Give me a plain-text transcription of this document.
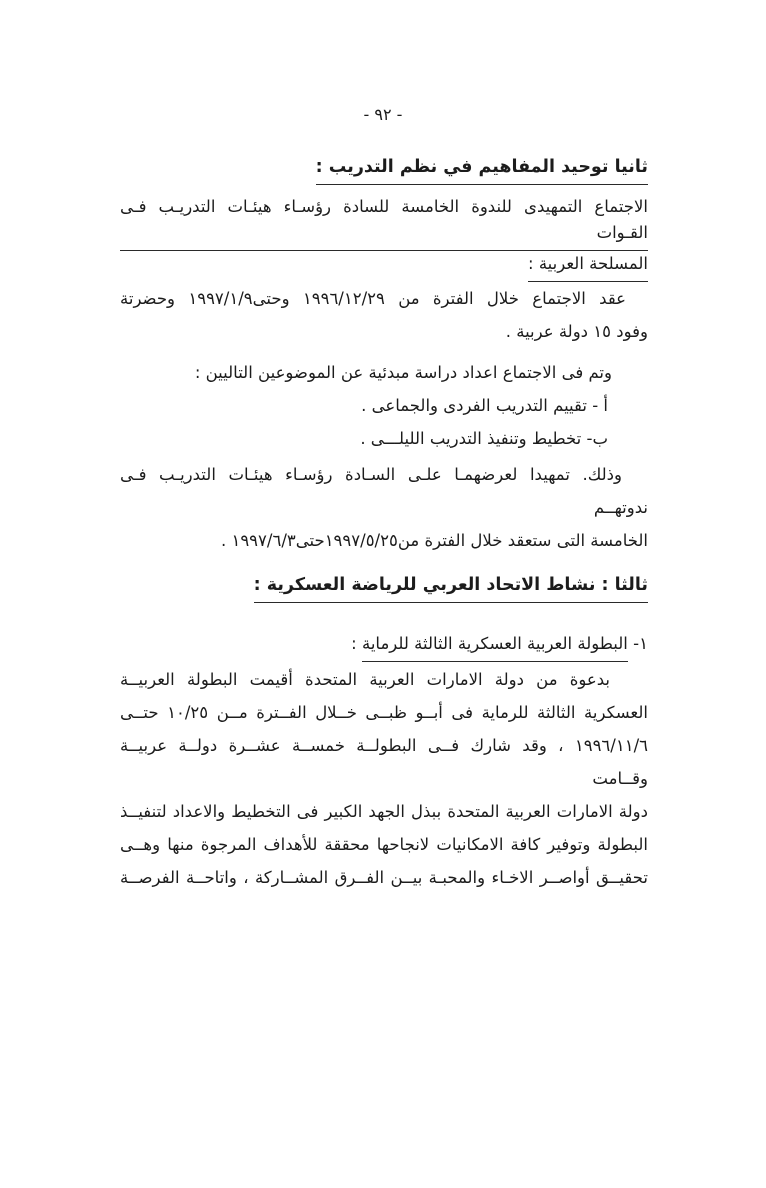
- ٩٢ -
ثانيا توحيد المفاهيم في نظم التدريب :
الاجتماع التمهيدى للندوة الخامسة للسادة رؤسـاء هيئـات التدريـب فـى القـوات
المسلحة العربية :
عقد الاجتماع خلال الفترة من ١٩٩٦/١٢/٢٩ وحتى١٩٩٧/١/٩ وحضرتة
وفود ١٥ دولة عربية .
وتم فى الاجتماع اعداد دراسة مبدئية عن الموضوعين التاليين :
أ - تقييم التدريب الفردى والجماعى .
ب- تخطيط وتنفيذ التدريب الليلـــى .
وذلك. تمهيدا لعرضهمـا علـى السـادة رؤسـاء هيئـات التدريـب فـى ندوتهــم
الخامسة التى ستعقد خلال الفترة من١٩٩٧/٥/٢٥حتى١٩٩٧/٦/٣ .
ثالثا : نشاط الاتحاد العربي للرياضة العسكرية :
١- البطولة العربية العسكرية الثالثة للرماية :
بدعوة من دولة الامارات العربية المتحدة أقيمت البطولة العربيــة
العسكرية الثالثة للرماية فى أبــو ظبــى خــلال الفــترة مــن ١٠/٢٥ حتــى
١٩٩٦/١١/٦ ، وقد شارك فــى البطولــة خمســة عشــرة دولــة عربيــة وقــامت
دولة الامارات العربية المتحدة ببذل الجهد الكبير فى التخطيط والاعداد لتنفيــذ
البطولة وتوفير كافة الامكانيات لانجاحها محققة للأهداف المرجوة منها وهــى
تحقيــق أواصــر الاخـاء والمحبـة بيــن الفــرق المشــاركة ، واتاحــة الفرصــة
